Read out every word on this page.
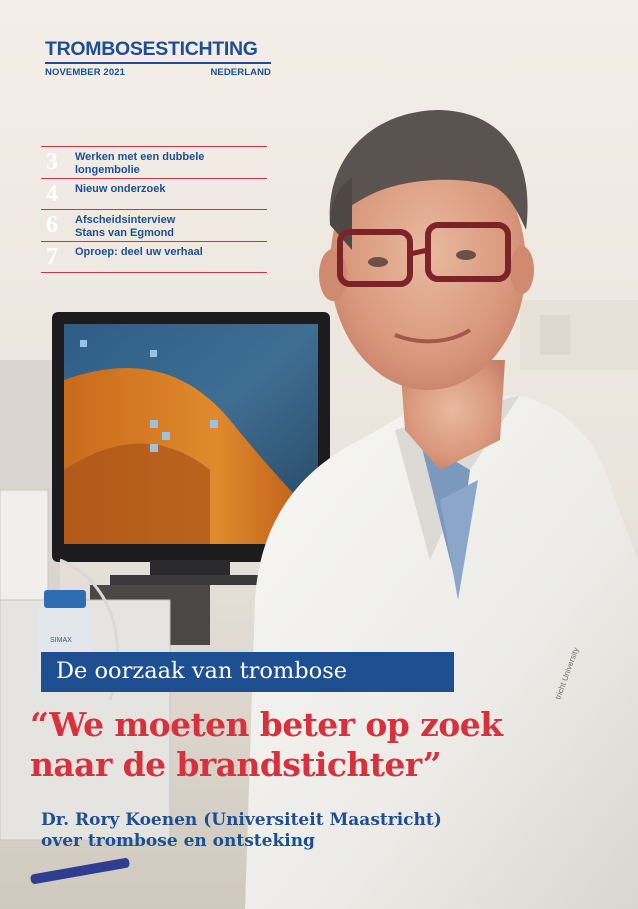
SIMAX
tricht University
TROMBOSESTICHTING
NOVEMBER 2021	NEDERLAND
3	Werken met een dubbele
longembolie
4	Nieuw onderzoek
6	Afscheidsinterview
Stans van Egmond
7	Oproep: deel uw verhaal
De oorzaak van trombose
“We moeten beter op zoek
naar de brandstichter”
Dr. Rory Koenen (Universiteit Maastricht)
over trombose en ontsteking
